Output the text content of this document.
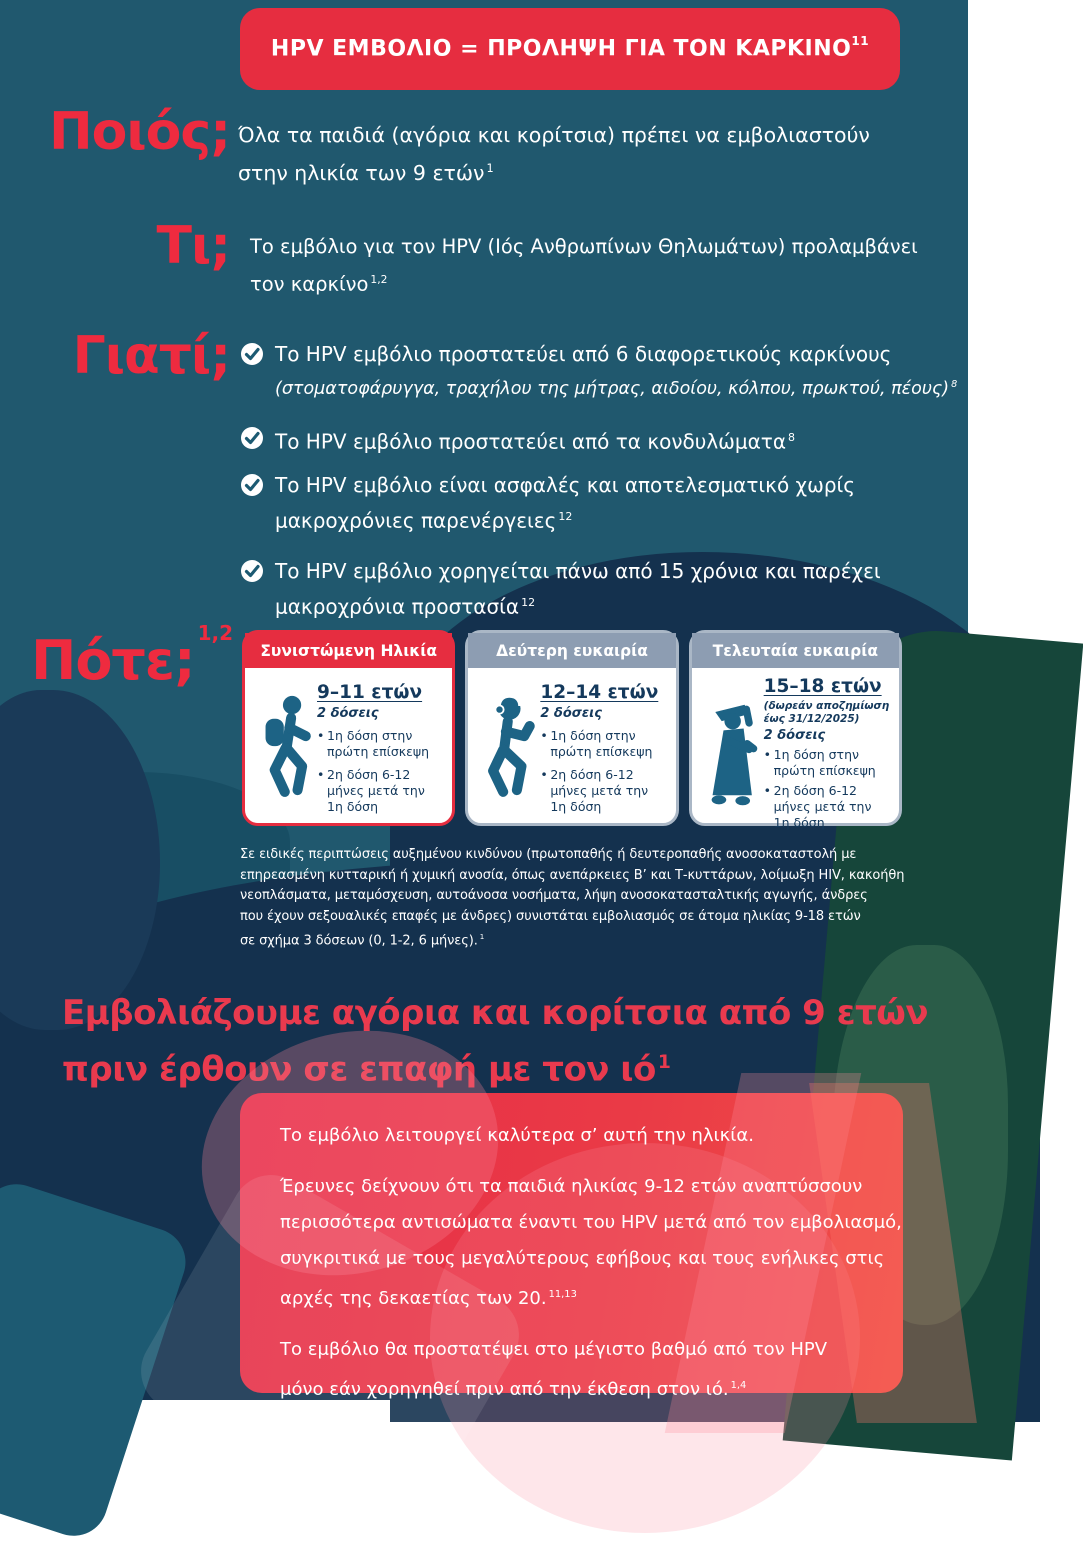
HPV ΕΜΒΟΛΙΟ = ΠΡΟΛΗΨΗ ΓΙΑ ΤΟΝ ΚΑΡΚΙΝΟ$^{11}$
Ποιός; Όλα τα παιδιά (αγόρια και κορίτσια) πρέπει να εμβολιαστούν
στην ηλικία των 9 ετών $^1$
Τι; Το εμβόλιο για τον HPV (Ιός Ανθρωπίνων Θηλωμάτων) προλαμβάνει
τον καρκίνο $^{1,2}$
Γιατί; Το HPV εμβόλιο προστατεύει από 6 διαφορετικούς καρκίνους
(στοματοφάρυγγα, τραχήλου της μήτρας, αιδοίου, κόλπου, πρωκτού, πέους) $^8$
Το HPV εμβόλιο προστατεύει από τα κονδυλώματα $^8$
Το HPV εμβόλιο είναι ασφαλές και αποτελεσματικό χωρίς
μακροχρόνιες παρενέργειες $^{12}$
Το HPV εμβόλιο χορηγείται πάνω από 15 χρόνια και παρέχει
μακροχρόνια προστασία $^{12}$
Πότε; $^{1,2}$
Συνιστώμενη Ηλικία
9–11 ετών
2 δόσεις
• 1η δόση στην πρώτη επίσκεψη
• 2η δόση 6-12 μήνες μετά την 1η δόση
Δεύτερη ευκαιρία
12–14 ετών
2 δόσεις
• 1η δόση στην πρώτη επίσκεψη
• 2η δόση 6-12 μήνες μετά την 1η δόση
Τελευταία ευκαιρία
15–18 ετών
(δωρεάν αποζημίωση
έως 31/12/2025)
2 δόσεις
• 1η δόση στην πρώτη επίσκεψη
• 2η δόση 6-12 μήνες μετά την 1η δόση
Σε ειδικές περιπτώσεις αυξημένου κινδύνου (πρωτοπαθής ή δευτεροπαθής ανοσοκαταστολή με
επηρεασμένη κυτταρική ή χυμική ανοσία, όπως ανεπάρκειες Β’ και Τ-κυττάρων, λοίμωξη HIV, κακοήθη
νεοπλάσματα, μεταμόσχευση, αυτοάνοσα νοσήματα, λήψη ανοσοκατασταλτικής αγωγής, άνδρες
που έχουν σεξουαλικές επαφές με άνδρες) συνιστάται εμβολιασμός σε άτομα ηλικίας 9-18 ετών
σε σχήμα 3 δόσεων (0, 1-2, 6 μήνες). $^1$
Εμβολιάζουμε αγόρια και κορίτσια από 9 ετών
πριν έρθουν σε επαφή με τον ιό $^1$

Το εμβόλιο λειτουργεί καλύτερα σ’ αυτή την ηλικία.

Έρευνες δείχνουν ότι τα παιδιά ηλικίας 9-12 ετών αναπτύσσουν
περισσότερα αντισώματα έναντι του HPV μετά από τον εμβολιασμό,
συγκριτικά με τους μεγαλύτερους εφήβους και τους ενήλικες στις
αρχές της δεκαετίας των 20. $^{11,13}$

Το εμβόλιο θα προστατέψει στο μέγιστο βαθμό από τον HPV
μόνο εάν χορηγηθεί πριν από την έκθεση στον ιό. $^{1,4}$
